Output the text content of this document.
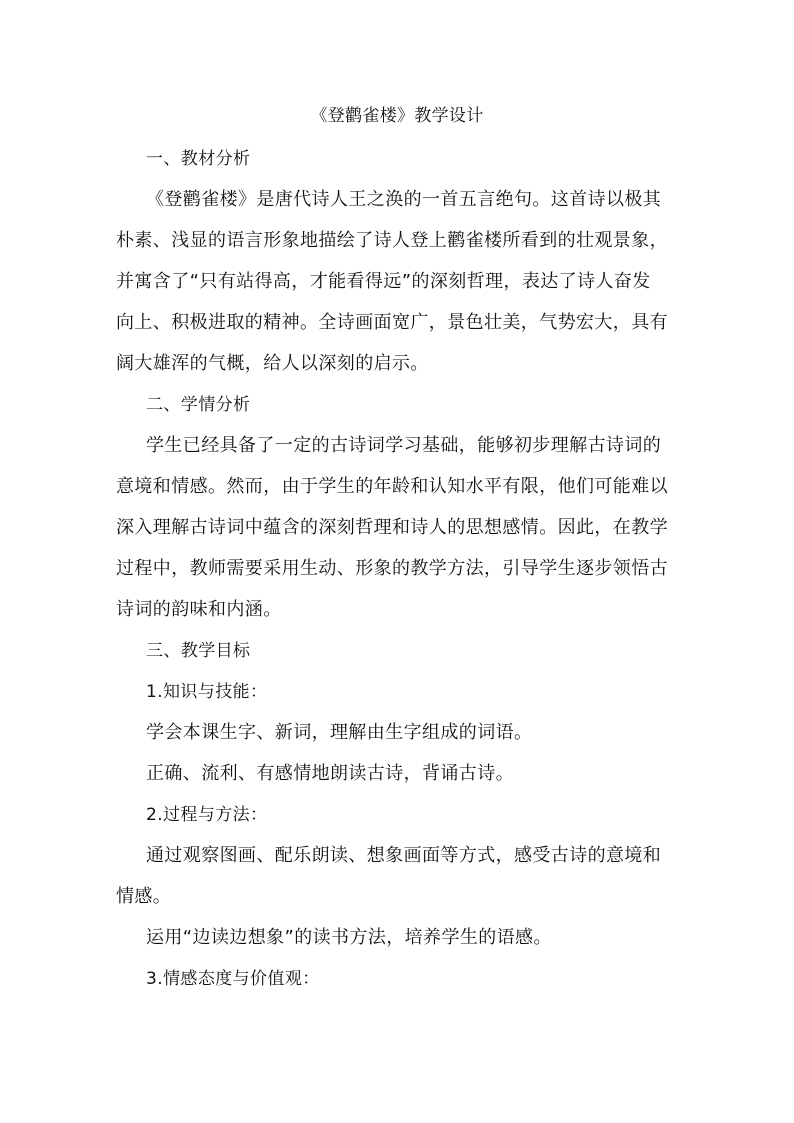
《登鹳雀楼》教学设计

一、教材分析

《登鹳雀楼》是唐代诗人王之涣的一首五言绝句。这首诗以极其

朴素、浅显的语言形象地描绘了诗人登上鹳雀楼所看到的壮观景象，

并寓含了“只有站得高，才能看得远”的深刻哲理，表达了诗人奋发

向上、积极进取的精神。全诗画面宽广，景色壮美，气势宏大，具有

阔大雄浑的气概，给人以深刻的启示。

二、学情分析

学生已经具备了一定的古诗词学习基础，能够初步理解古诗词的

意境和情感。然而，由于学生的年龄和认知水平有限，他们可能难以

深入理解古诗词中蕴含的深刻哲理和诗人的思想感情。因此，在教学

过程中，教师需要采用生动、形象的教学方法，引导学生逐步领悟古

诗词的韵味和内涵。

三、教学目标

1.知识与技能：

学会本课生字、新词，理解由生字组成的词语。

正确、流利、有感情地朗读古诗，背诵古诗。

2.过程与方法：

通过观察图画、配乐朗读、想象画面等方式，感受古诗的意境和

情感。

运用“边读边想象”的读书方法，培养学生的语感。

3.情感态度与价值观：
